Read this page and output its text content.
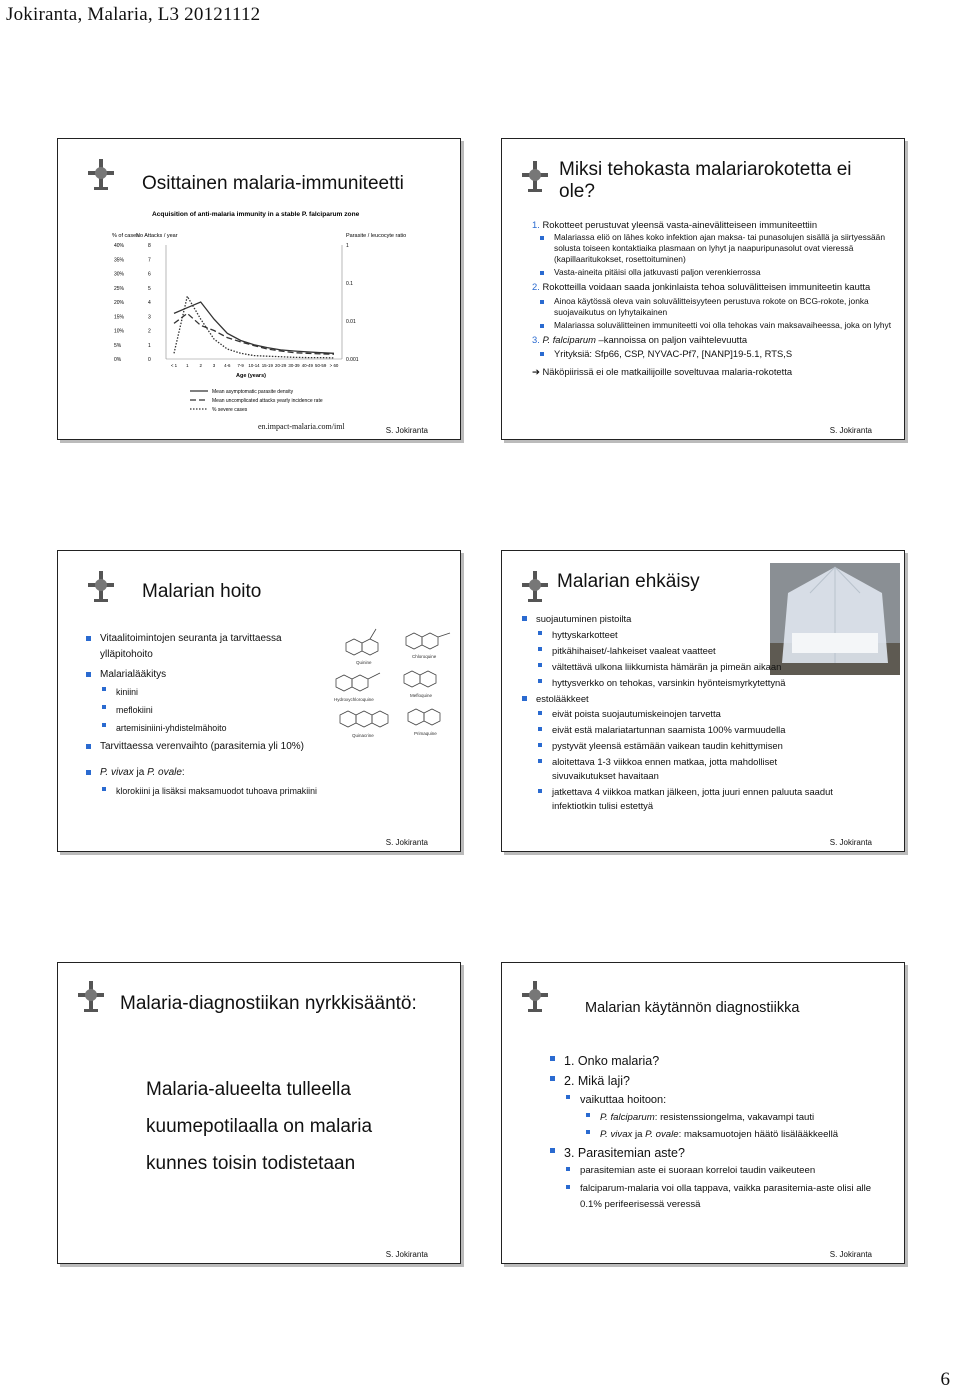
Jokiranta, Malaria, L3 20121112
Osittainen malaria-immuniteetti
Acquisition of anti-malaria immunity in a stable P. falciparum zone
% of cases
No Attacks / year	Parasite / leucocyte ratio
40%	8
35%	7
30%	6
25%	5
20%	4
15%	3
10%	2
5%	1
0%	0
1
0.1
0.01
0.001
< 1 1 2 3 4-6 7-9 10-14 15-19 20-29 30-39 40-49 50-59 > 60
Age (years)
Mean asymptomatic parasite density
Mean uncomplicated attacks yearly incidence rate
% severe cases
en.impact-malaria.com/iml	S. Jokiranta
Miksi tehokasta malariarokotetta ei ole?
1. Rokotteet perustuvat yleensä vasta-ainevälitteiseen immuniteettiin
Malariassa eliö on lähes koko infektion ajan maksa- tai punasolujen sisällä ja siirtyessään solusta toiseen kontaktiaika plasmaan on lyhyt ja naapuripunasolut ovat vieressä (kapillaaritukokset, rosettoituminen)
Vasta-aineita pitäisi olla jatkuvasti paljon verenkierrossa
2. Rokotteilla voidaan saada jonkinlaista tehoa soluvälitteisen immuniteetin kautta
Ainoa käytössä oleva vain soluvälitteisyyteen perustuva rokote on BCG-rokote, jonka suojavaikutus on lyhytaikainen
Malariassa soluvälitteinen immuniteetti voi olla tehokas vain maksavaiheessa, joka on lyhyt
3. P. falciparum –kannoissa on paljon vaihtelevuutta
Yrityksiä: Sfp66, CSP, NYVAC-Pf7, [NANP]19-5.1, RTS,S
➔ Näköpiirissä ei ole matkailijoille soveltuvaa malaria-rokotetta
S. Jokiranta
Malarian hoito
Vitaalitoimintojen seuranta ja tarvittaessa ylläpitohoito
Malarialääkitys
kiniini
meflokiini
artemisiniini-yhdistelmähoito
Tarvittaessa verenvaihto (parasitemia yli 10%)
P. vivax ja P. ovale:
klorokiini ja lisäksi maksamuodot tuhoava primakiini
Quinine
Chloroquine
Hydroxychloroquine
Mefloquine
Quinacrine	Primaquine
S. Jokiranta
Malarian ehkäisy
suojautuminen pistoilta
hyttyskarkotteet
pitkähihaiset/-lahkeiset vaaleat vaatteet
vältettävä ulkona liikkumista hämärän ja pimeän aikaan
hyttysverkko on tehokas, varsinkin hyönteismyrkytettynä
estolääkkeet
eivät poista suojautumiskeinojen tarvetta
eivät estä malariatartunnan saamista 100% varmuudella
pystyvät yleensä estämään vaikean taudin kehittymisen
aloitettava 1-3 viikkoa ennen matkaa, jotta mahdolliset sivuvaikutukset havaitaan
jatkettava 4 viikkoa matkan jälkeen, jotta juuri ennen paluuta saadut infektiotkin tulisi estettyä
S. Jokiranta
Malaria-diagnostiikan nyrkkisääntö:
Malaria-alueelta tulleella
kuumepotilaalla on malaria
kunnes toisin todistetaan
S. Jokiranta
Malarian käytännön diagnostiikka
1. Onko malaria?
2. Mikä laji?
vaikuttaa hoitoon:
P. falciparum: resistenssiongelma, vakavampi tauti
P. vivax ja P. ovale: maksamuotojen häätö lisälääkkeellä
3. Parasitemian aste?
parasitemian aste ei suoraan korreloi taudin vaikeuteen
falciparum-malaria voi olla tappava, vaikka parasitemia-aste olisi alle 0.1% perifeerisessä veressä
S. Jokiranta
6
